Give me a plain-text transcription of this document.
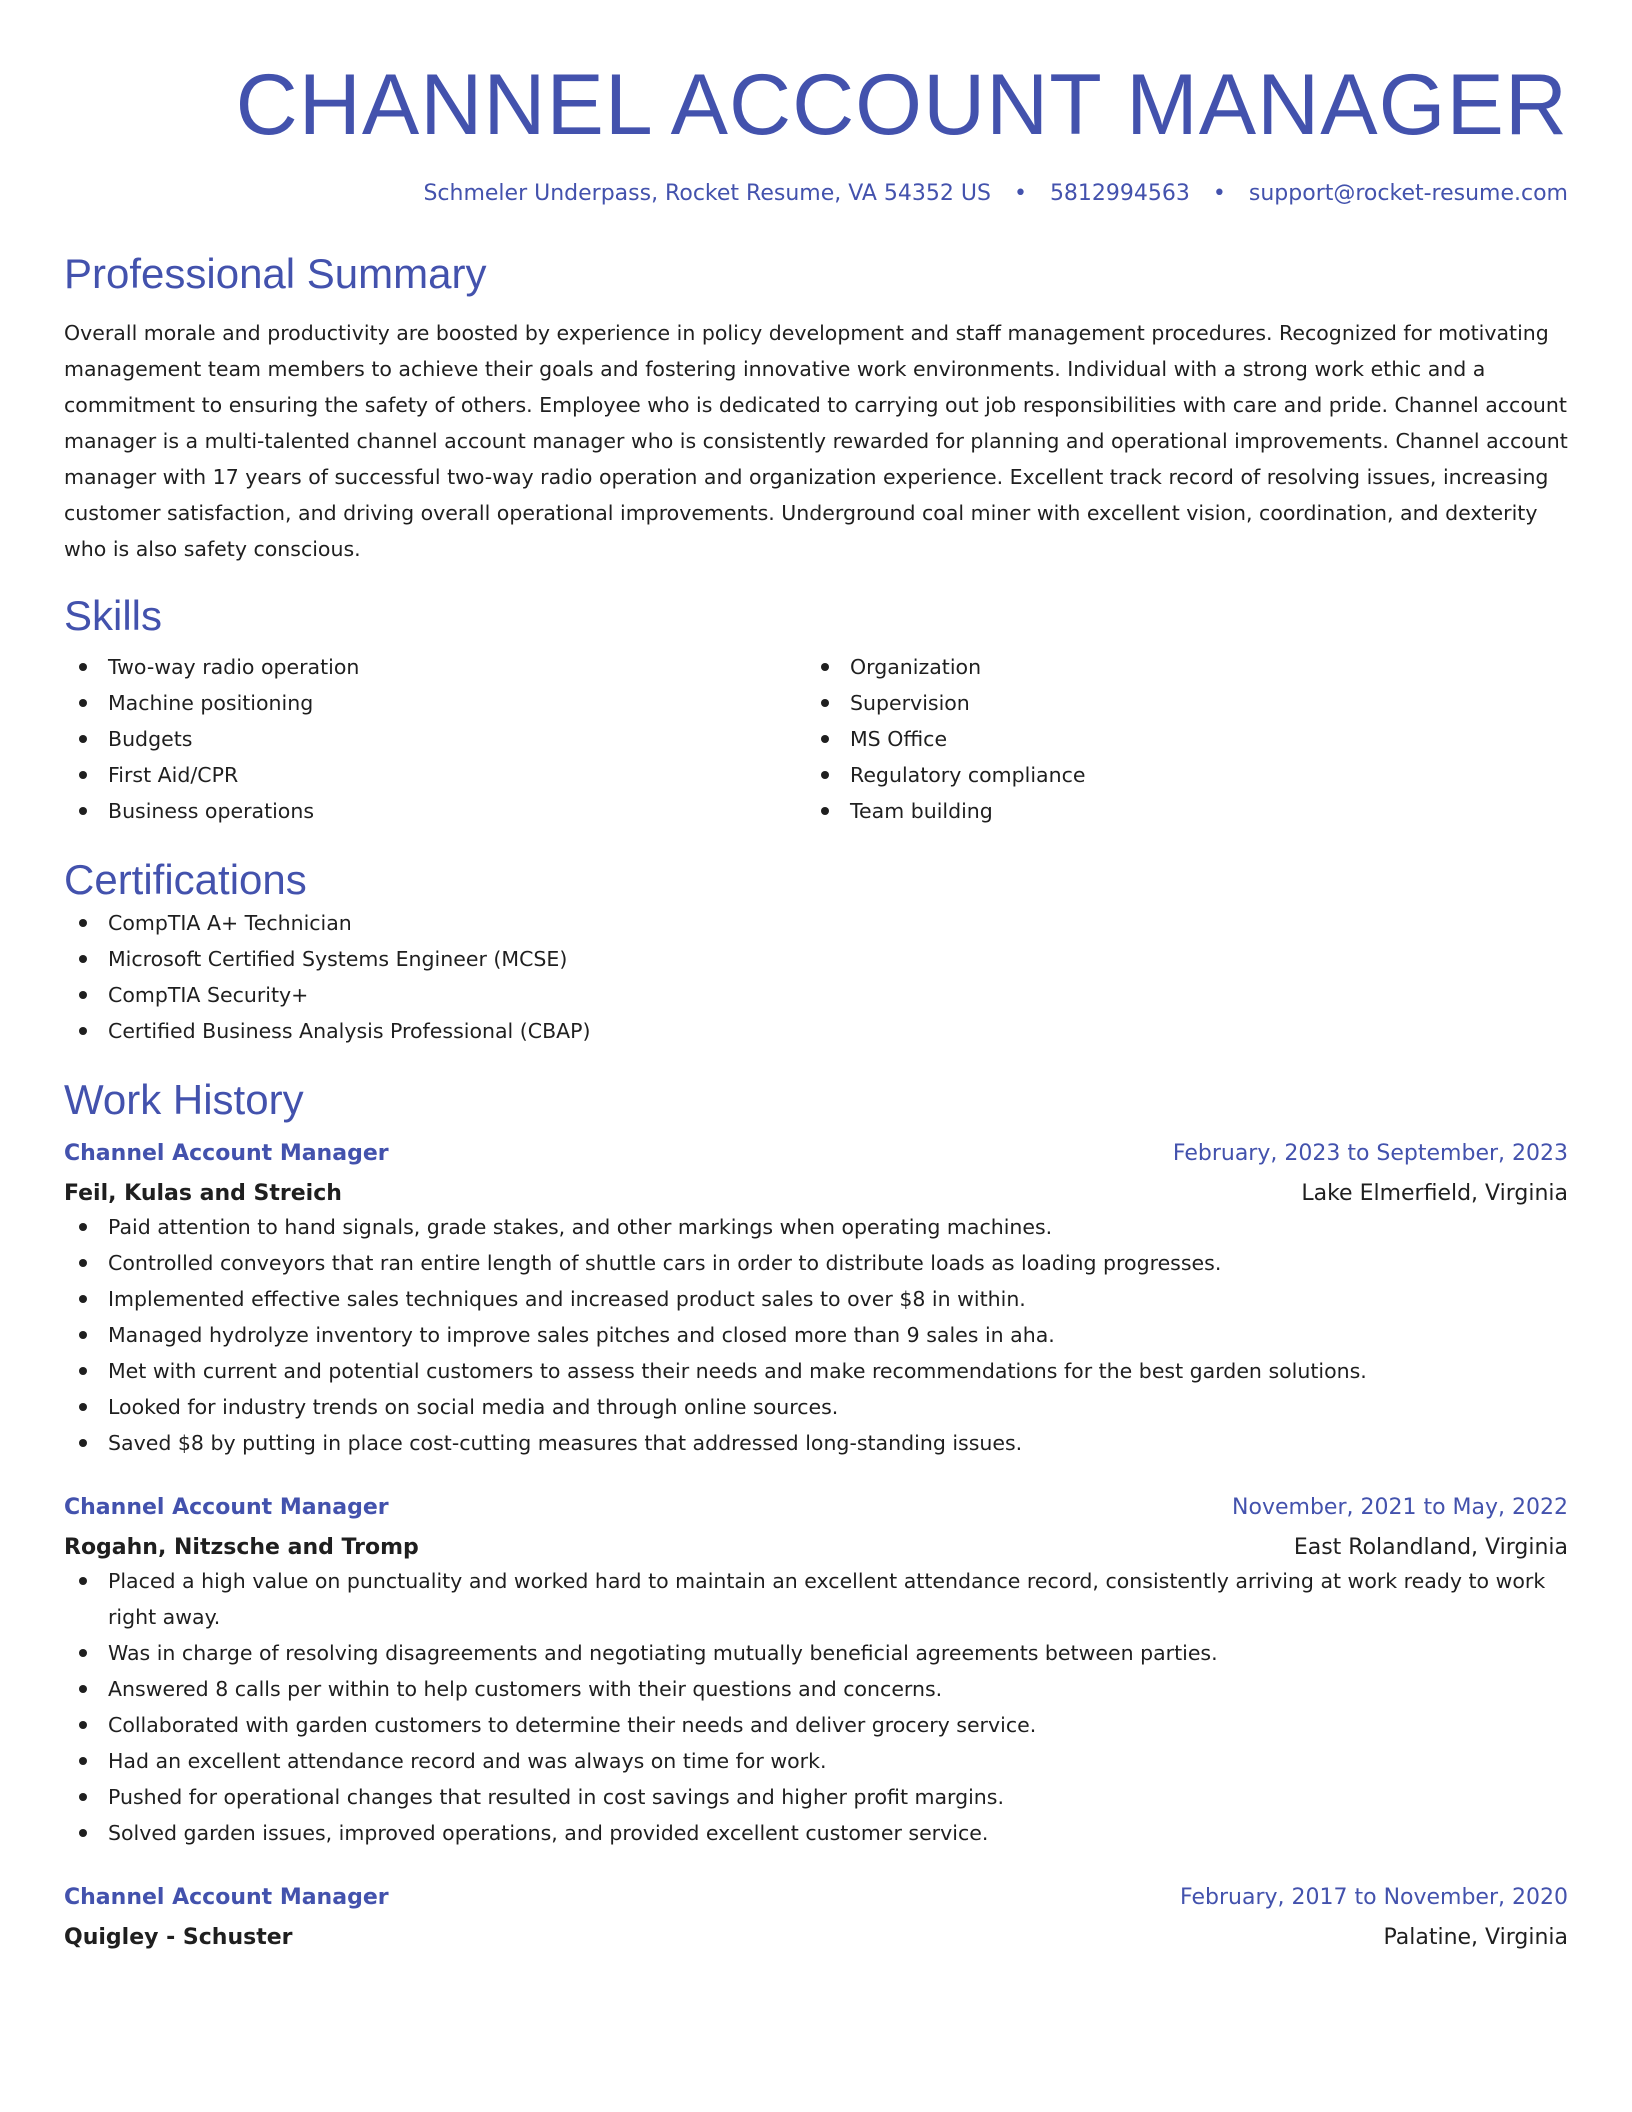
CHANNEL ACCOUNT MANAGER
Schmeler Underpass, Rocket Resume, VA 54352 US • 5812994563 • support@rocket-resume.com
Professional Summary

Overall morale and productivity are boosted by experience in policy development and staff management procedures. Recognized for motivating management team members to achieve their goals and fostering innovative work environments. Individual with a strong work ethic and a commitment to ensuring the safety of others. Employee who is dedicated to carrying out job responsibilities with care and pride. Channel account manager is a multi-talented channel account manager who is consistently rewarded for planning and operational improvements. Channel account manager with 17 years of successful two-way radio operation and organization experience. Excellent track record of resolving issues, increasing customer satisfaction, and driving overall operational improvements. Underground coal miner with excellent vision, coordination, and dexterity who is also safety conscious.

Skills
Two-way radio operation
Machine positioning
Budgets
First Aid/CPR
Business operations
Organization
Supervision
MS Office
Regulatory compliance
Team building
Certifications
CompTIA A+ Technician
Microsoft Certified Systems Engineer (MCSE)
CompTIA Security+
Certified Business Analysis Professional (CBAP)
Work History
Channel Account Manager	February, 2023 to September, 2023
Feil, Kulas and Streich	Lake Elmerfield, Virginia
Paid attention to hand signals, grade stakes, and other markings when operating machines.
Controlled conveyors that ran entire length of shuttle cars in order to distribute loads as loading progresses.
Implemented effective sales techniques and increased product sales to over $8 in within.
Managed hydrolyze inventory to improve sales pitches and closed more than 9 sales in aha.
Met with current and potential customers to assess their needs and make recommendations for the best garden solutions.
Looked for industry trends on social media and through online sources.
Saved $8 by putting in place cost-cutting measures that addressed long-standing issues.
Channel Account Manager	November, 2021 to May, 2022
Rogahn, Nitzsche and Tromp	East Rolandland, Virginia
Placed a high value on punctuality and worked hard to maintain an excellent attendance record, consistently arriving at work ready to work right away.
Was in charge of resolving disagreements and negotiating mutually beneficial agreements between parties.
Answered 8 calls per within to help customers with their questions and concerns.
Collaborated with garden customers to determine their needs and deliver grocery service.
Had an excellent attendance record and was always on time for work.
Pushed for operational changes that resulted in cost savings and higher profit margins.
Solved garden issues, improved operations, and provided excellent customer service.
Channel Account Manager	February, 2017 to November, 2020
Quigley - Schuster	Palatine, Virginia
